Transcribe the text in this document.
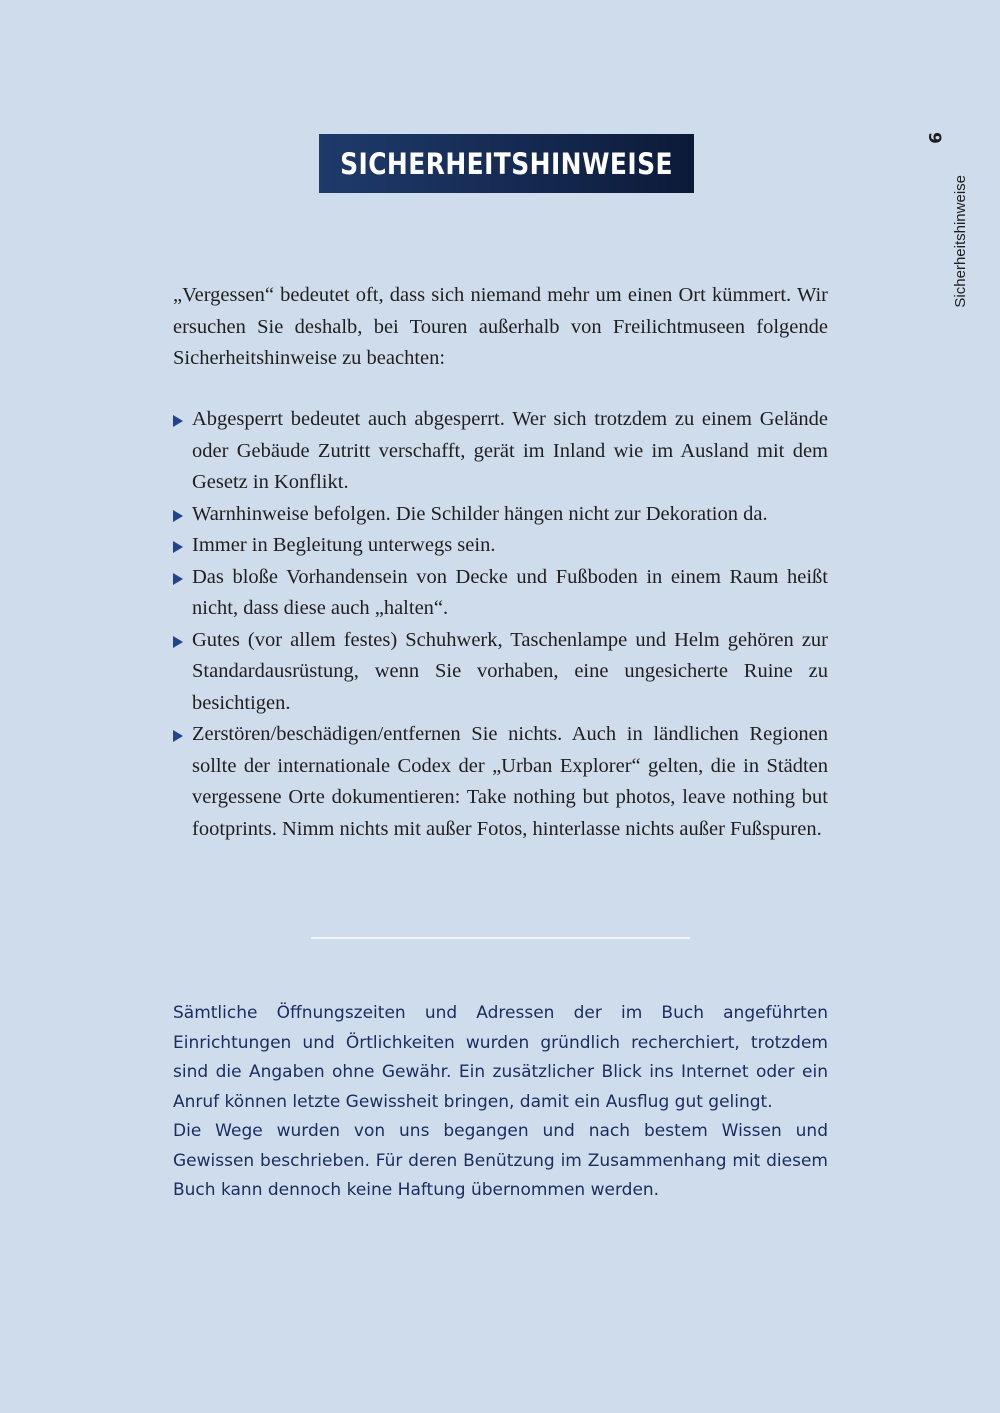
SICHERHEITSHINWEISE
9
Sicherheitshinweise

„Vergessen“ bedeutet oft, dass sich niemand mehr um einen Ort kümmert. Wir ersuchen Sie deshalb, bei Touren außerhalb von Freilichtmuseen folgende Sicherheitshinweise zu beachten:

Abgesperrt bedeutet auch abgesperrt. Wer sich trotzdem zu einem Gelände oder Gebäude Zutritt verschafft, gerät im Inland wie im Ausland mit dem Gesetz in Konflikt.
Warnhinweise befolgen. Die Schilder hängen nicht zur Dekoration da.
Immer in Begleitung unterwegs sein.
Das bloße Vorhandensein von Decke und Fußboden in einem Raum heißt nicht, dass diese auch „halten“.
Gutes (vor allem festes) Schuhwerk, Taschenlampe und Helm gehören zur Standardausrüstung, wenn Sie vorhaben, eine ungesicherte Ruine zu besichtigen.
Zerstören/beschädigen/entfernen Sie nichts. Auch in ländlichen Regionen sollte der internationale Codex der „Urban Explorer“ gelten, die in Städten vergessene Orte dokumentieren: Take nothing but photos, leave nothing but footprints. Nimm nichts mit außer Fotos, hinterlasse nichts außer Fußspuren.

Sämtliche Öffnungszeiten und Adressen der im Buch angeführten Einrichtungen und Örtlichkeiten wurden gründlich recherchiert, trotzdem sind die Angaben ohne Gewähr. Ein zusätzlicher Blick ins Internet oder ein Anruf können letzte Gewissheit bringen, damit ein Ausflug gut gelingt.

Die Wege wurden von uns begangen und nach bestem Wissen und Gewissen beschrieben. Für deren Benützung im Zusammenhang mit diesem Buch kann dennoch keine Haftung übernommen werden.
